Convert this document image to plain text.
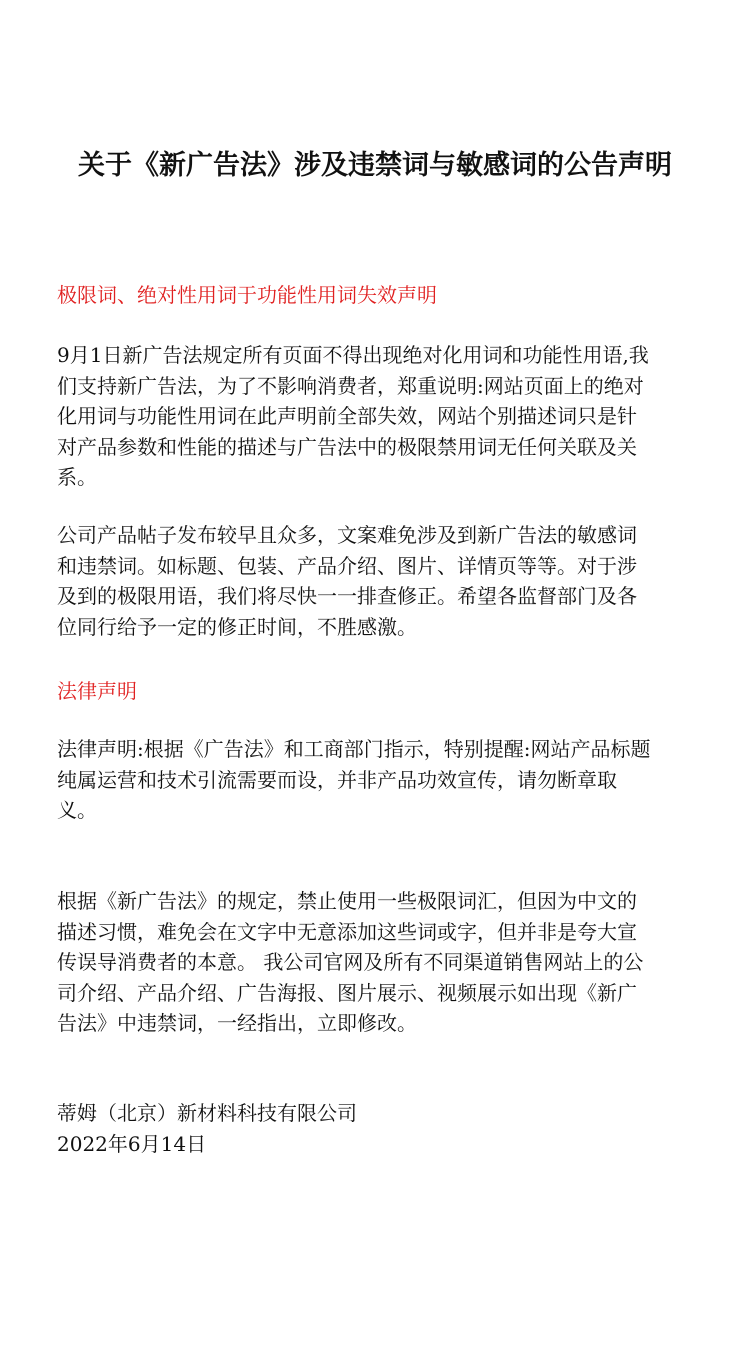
关于《新广告法》涉及违禁词与敏感词的公告声明
极限词、绝对性用词于功能性用词失效声明
9月1日新广告法规定所有页面不得出现绝对化用词和功能性用语,我
们支持新广告法，为了不影响消费者，郑重说明:网站页面上的绝对
化用词与功能性用词在此声明前全部失效，网站个别描述词只是针
对产品参数和性能的描述与广告法中的极限禁用词无任何关联及关
系。
公司产品帖子发布较早且众多，文案难免涉及到新广告法的敏感词
和违禁词。如标题、包装、产品介绍、图片、详情页等等。对于涉
及到的极限用语，我们将尽快一一排查修正。希望各监督部门及各
位同行给予一定的修正时间，不胜感激。
法律声明
法律声明:根据《广告法》和工商部门指示，特别提醒:网站产品标题
纯属运营和技术引流需要而设，并非产品功效宣传，请勿断章取
义。
根据《新广告法》的规定，禁止使用一些极限词汇，但因为中文的
描述习惯，难免会在文字中无意添加这些词或字，但并非是夸大宣
传误导消费者的本意。 我公司官网及所有不同渠道销售网站上的公
司介绍、产品介绍、广告海报、图片展示、视频展示如出现《新广
告法》中违禁词，一经指出，立即修改。
蒂姆（北京）新材料科技有限公司
2022年6月14日
